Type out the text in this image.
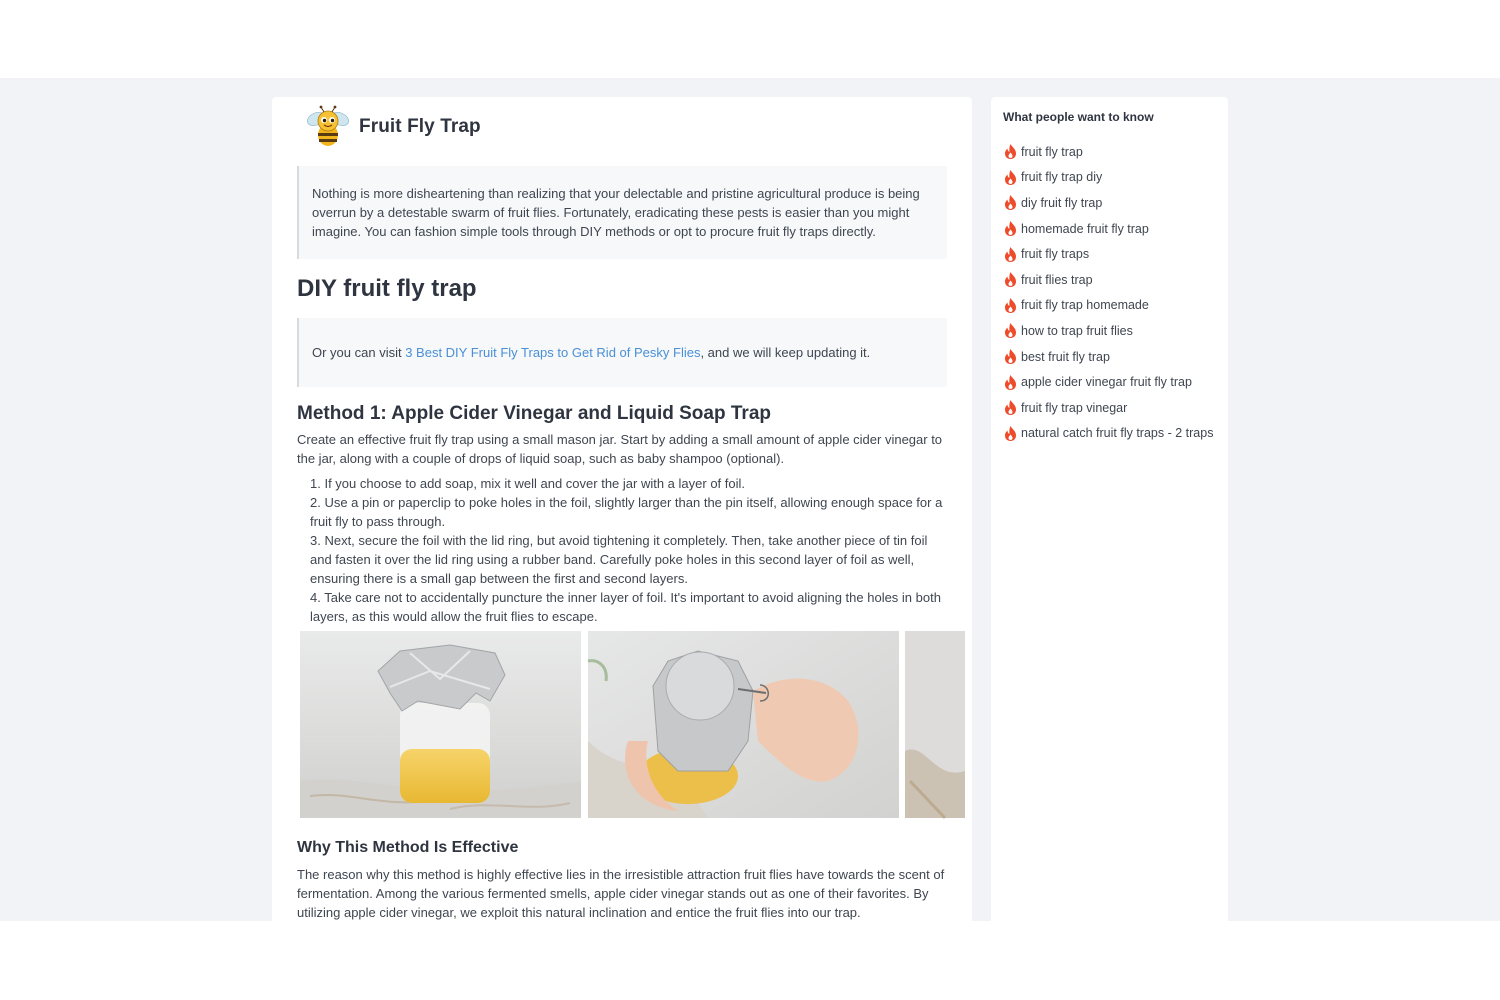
Fruit Fly Trap
Nothing is more disheartening than realizing that your delectable and pristine agricultural produce is being overrun by a detestable swarm of fruit flies. Fortunately, eradicating these pests is easier than you might imagine. You can fashion simple tools through DIY methods or opt to procure fruit fly traps directly.
DIY fruit fly trap
Or you can visit 3 Best DIY Fruit Fly Traps to Get Rid of Pesky Flies, and we will keep updating it.
Method 1: Apple Cider Vinegar and Liquid Soap Trap

Create an effective fruit fly trap using a small mason jar. Start by adding a small amount of apple cider vinegar to the jar, along with a couple of drops of liquid soap, such as baby shampoo (optional).

1. If you choose to add soap, mix it well and cover the jar with a layer of foil.
2. Use a pin or paperclip to poke holes in the foil, slightly larger than the pin itself, allowing enough space for a fruit fly to pass through.
3. Next, secure the foil with the lid ring, but avoid tightening it completely. Then, take another piece of tin foil and fasten it over the lid ring using a rubber band. Carefully poke holes in this second layer of foil as well, ensuring there is a small gap between the first and second layers.
4. Take care not to accidentally puncture the inner layer of foil. It's important to avoid aligning the holes in both layers, as this would allow the fruit flies to escape.
Why This Method Is Effective

The reason why this method is highly effective lies in the irresistible attraction fruit flies have towards the scent of fermentation. Among the various fermented smells, apple cider vinegar stands out as one of their favorites. By utilizing apple cider vinegar, we exploit this natural inclination and entice the fruit flies into our trap.

What people want to know
fruit fly trap
fruit fly trap diy
diy fruit fly trap
homemade fruit fly trap
fruit fly traps
fruit flies trap
fruit fly trap homemade
how to trap fruit flies
best fruit fly trap
apple cider vinegar fruit fly trap
fruit fly trap vinegar
natural catch fruit fly traps - 2 traps
